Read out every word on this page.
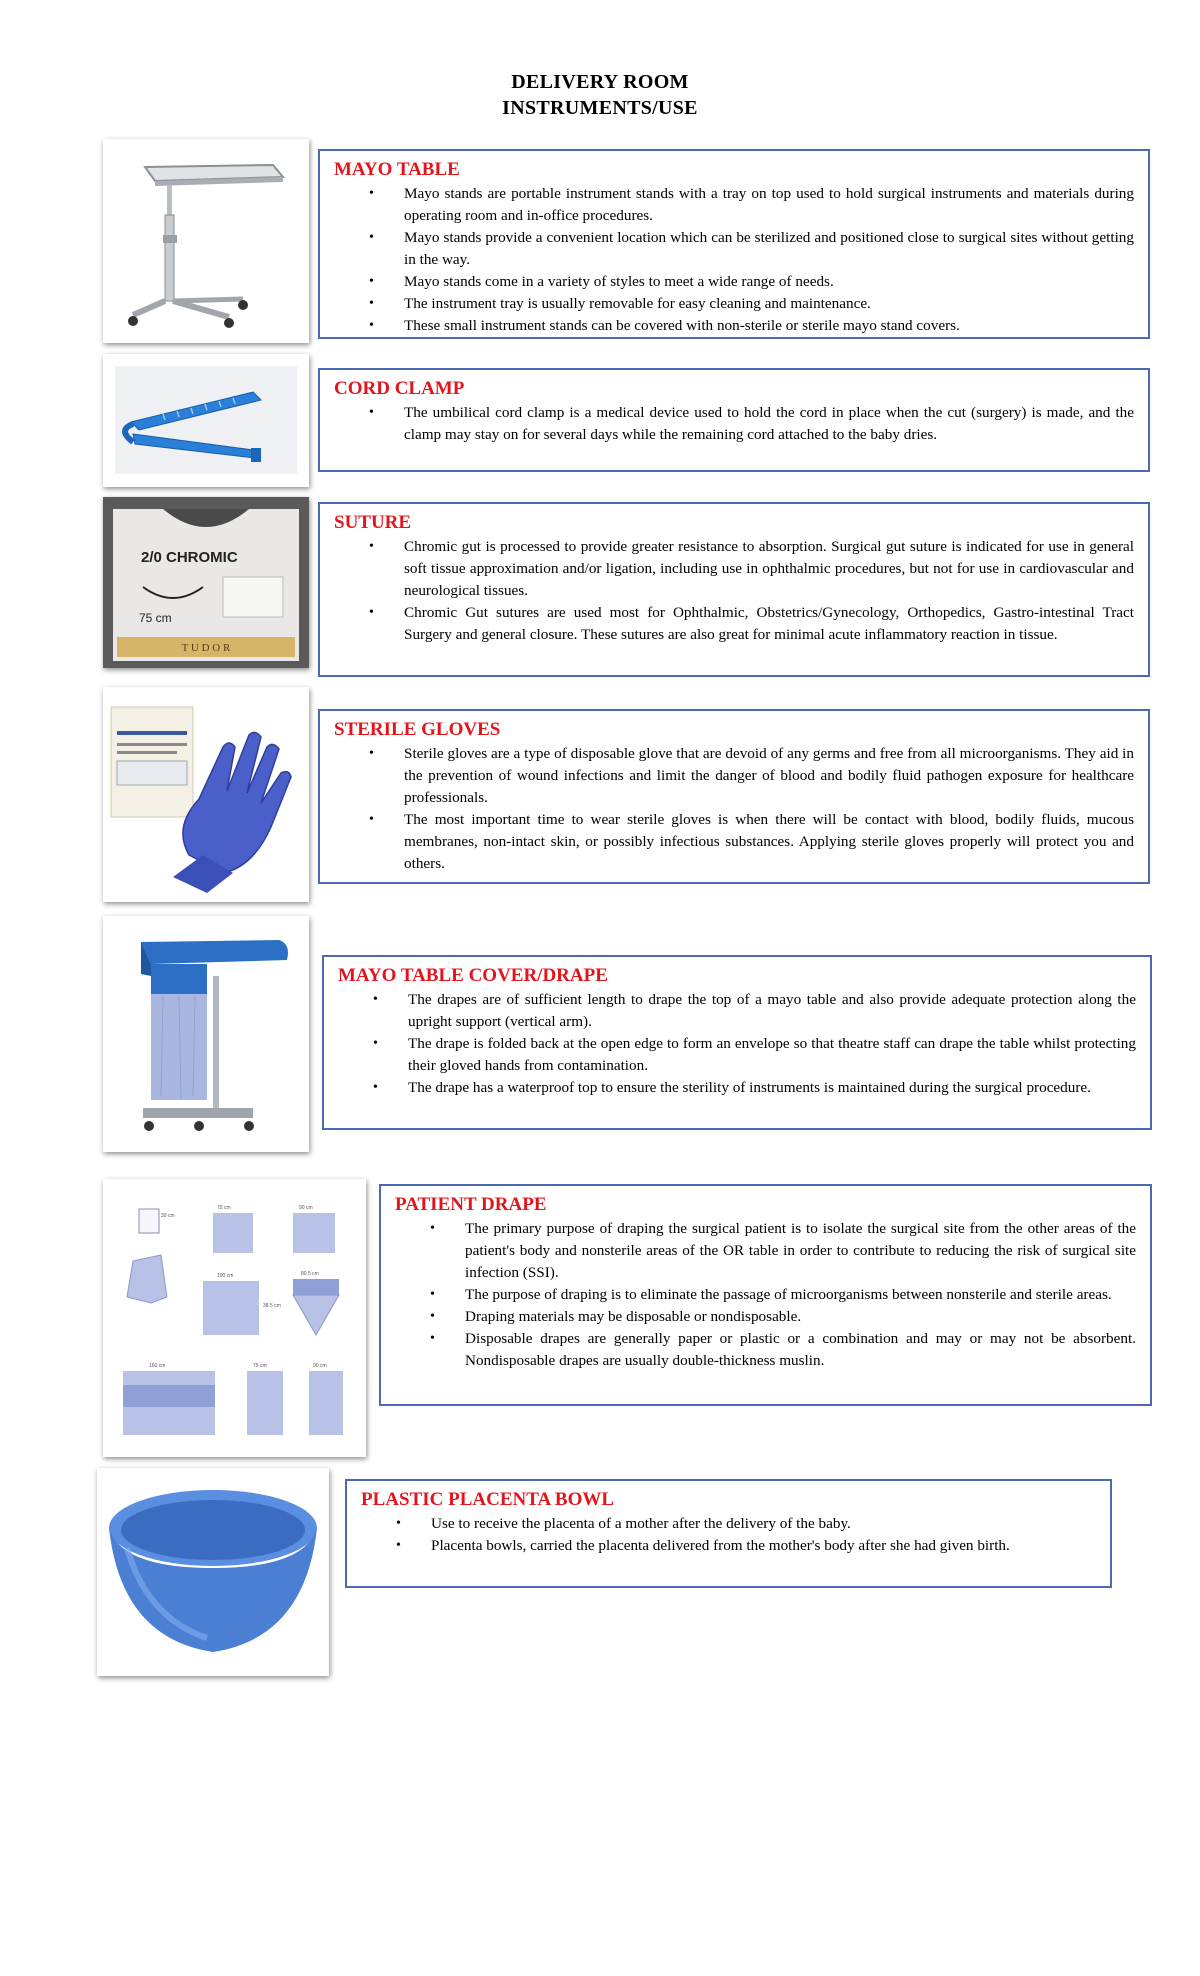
DELIVERY ROOM
INSTRUMENTS/USE
MAYO TABLE
• Mayo stands are portable instrument stands with a tray on top used to hold surgical instruments and materials during operating room and in-office procedures.
• Mayo stands provide a convenient location which can be sterilized and positioned close to surgical sites without getting in the way.
• Mayo stands come in a variety of styles to meet a wide range of needs.
• The instrument tray is usually removable for easy cleaning and maintenance.
• These small instrument stands can be covered with non-sterile or sterile mayo stand covers.
CORD CLAMP
• The umbilical cord clamp is a medical device used to hold the cord in place when the cut (surgery) is made, and the clamp may stay on for several days while the remaining cord attached to the baby dries.
2/0 CHROMIC
75 cm
T U D O R
SUTURE
• Chromic gut is processed to provide greater resistance to absorption. Surgical gut suture is indicated for use in general soft tissue approximation and/or ligation, including use in ophthalmic procedures, but not for use in cardiovascular and neurological tissues.
• Chromic Gut sutures are used most for Ophthalmic, Obstetrics/Gynecology, Orthopedics, Gastro-intestinal Tract Surgery and general closure. These sutures are also great for minimal acute inflammatory reaction in tissue.
STERILE GLOVES
• Sterile gloves are a type of disposable glove that are devoid of any germs and free from all microorganisms. They aid in the prevention of wound infections and limit the danger of blood and bodily fluid pathogen exposure for healthcare professionals.
• The most important time to wear sterile gloves is when there will be contact with blood, bodily fluids, mucous membranes, non-intact skin, or possibly infectious substances. Applying sterile gloves properly will protect you and others.
MAYO TABLE COVER/DRAPE
• The drapes are of sufficient length to drape the top of a mayo table and also provide adequate protection along the upright support (vertical arm).
• The drape is folded back at the open edge to form an envelope so that theatre staff can drape the table whilst protecting their gloved hands from contamination.
• The drape has a waterproof top to ensure the sterility of instruments is maintained during the surgical procedure.
30 cm
75 cm	90 cm
100 cm
38.5 cm
80.5 cm
160 cm	75 cm	90 cm
PATIENT DRAPE
• The primary purpose of draping the surgical patient is to isolate the surgical site from the other areas of the patient's body and nonsterile areas of the OR table in order to contribute to reducing the risk of surgical site infection (SSI).
• The purpose of draping is to eliminate the passage of microorganisms between nonsterile and sterile areas.
• Draping materials may be disposable or nondisposable.
• Disposable drapes are generally paper or plastic or a combination and may or may not be absorbent. Nondisposable drapes are usually double-thickness muslin.
PLASTIC PLACENTA BOWL
• Use to receive the placenta of a mother after the delivery of the baby.
• Placenta bowls, carried the placenta delivered from the mother's body after she had given birth.
